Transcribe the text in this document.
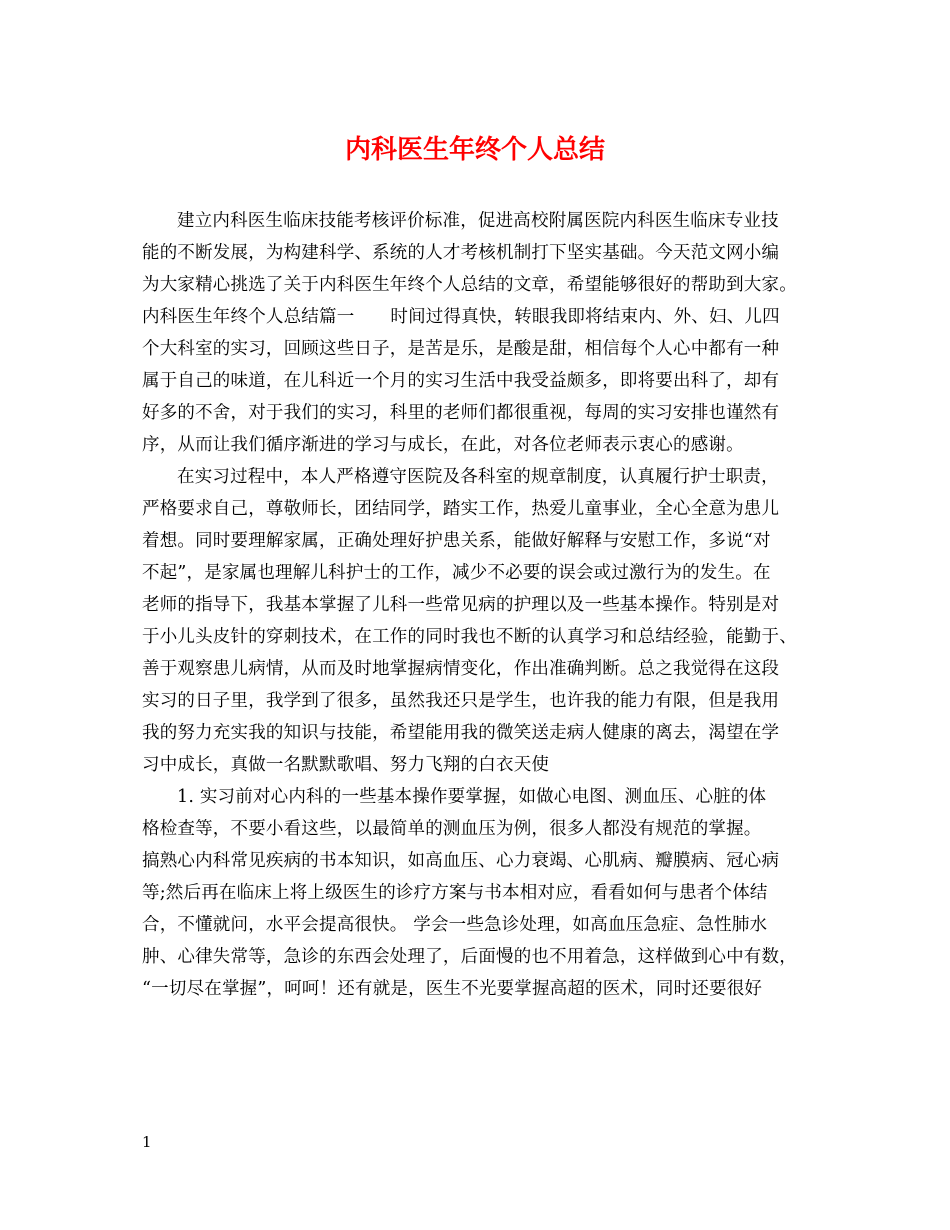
内科医生年终个人总结
建立内科医生临床技能考核评价标准，促进高校附属医院内科医生临床专业技
能的不断发展，为构建科学、系统的人才考核机制打下坚实基础。今天范文网小编
为大家精心挑选了关于内科医生年终个人总结的文章，希望能够很好的帮助到大家。
内科医生年终个人总结篇一 时间过得真快，转眼我即将结束内、外、妇、儿四
个大科室的实习，回顾这些日子，是苦是乐，是酸是甜，相信每个人心中都有一种
属于自己的味道，在儿科近一个月的实习生活中我受益颇多，即将要出科了，却有
好多的不舍，对于我们的实习，科里的老师们都很重视，每周的实习安排也谨然有
序，从而让我们循序渐进的学习与成长，在此，对各位老师表示衷心的感谢。
在实习过程中，本人严格遵守医院及各科室的规章制度，认真履行护士职责，
严格要求自己，尊敬师长，团结同学，踏实工作，热爱儿童事业，全心全意为患儿
着想。同时要理解家属，正确处理好护患关系，能做好解释与安慰工作，多说“对
不起”，是家属也理解儿科护士的工作，减少不必要的误会或过激行为的发生。在
老师的指导下，我基本掌握了儿科一些常见病的护理以及一些基本操作。特别是对
于小儿头皮针的穿刺技术，在工作的同时我也不断的认真学习和总结经验，能勤于、
善于观察患儿病情，从而及时地掌握病情变化，作出准确判断。总之我觉得在这段
实习的日子里，我学到了很多，虽然我还只是学生，也许我的能力有限，但是我用
我的努力充实我的知识与技能，希望能用我的微笑送走病人健康的离去，渴望在学
习中成长，真做一名默默歌唱、努力飞翔的白衣天使
1. 实习前对心内科的一些基本操作要掌握，如做心电图、测血压、心脏的体
格检查等，不要小看这些，以最简单的测血压为例，很多人都没有规范的掌握。
搞熟心内科常见疾病的书本知识，如高血压、心力衰竭、心肌病、瓣膜病、冠心病
等;然后再在临床上将上级医生的诊疗方案与书本相对应，看看如何与患者个体结
合，不懂就问，水平会提高很快。 学会一些急诊处理，如高血压急症、急性肺水
肿、心律失常等，急诊的东西会处理了，后面慢的也不用着急，这样做到心中有数，
“一切尽在掌握”，呵呵！还有就是，医生不光要掌握高超的医术，同时还要很好
1
